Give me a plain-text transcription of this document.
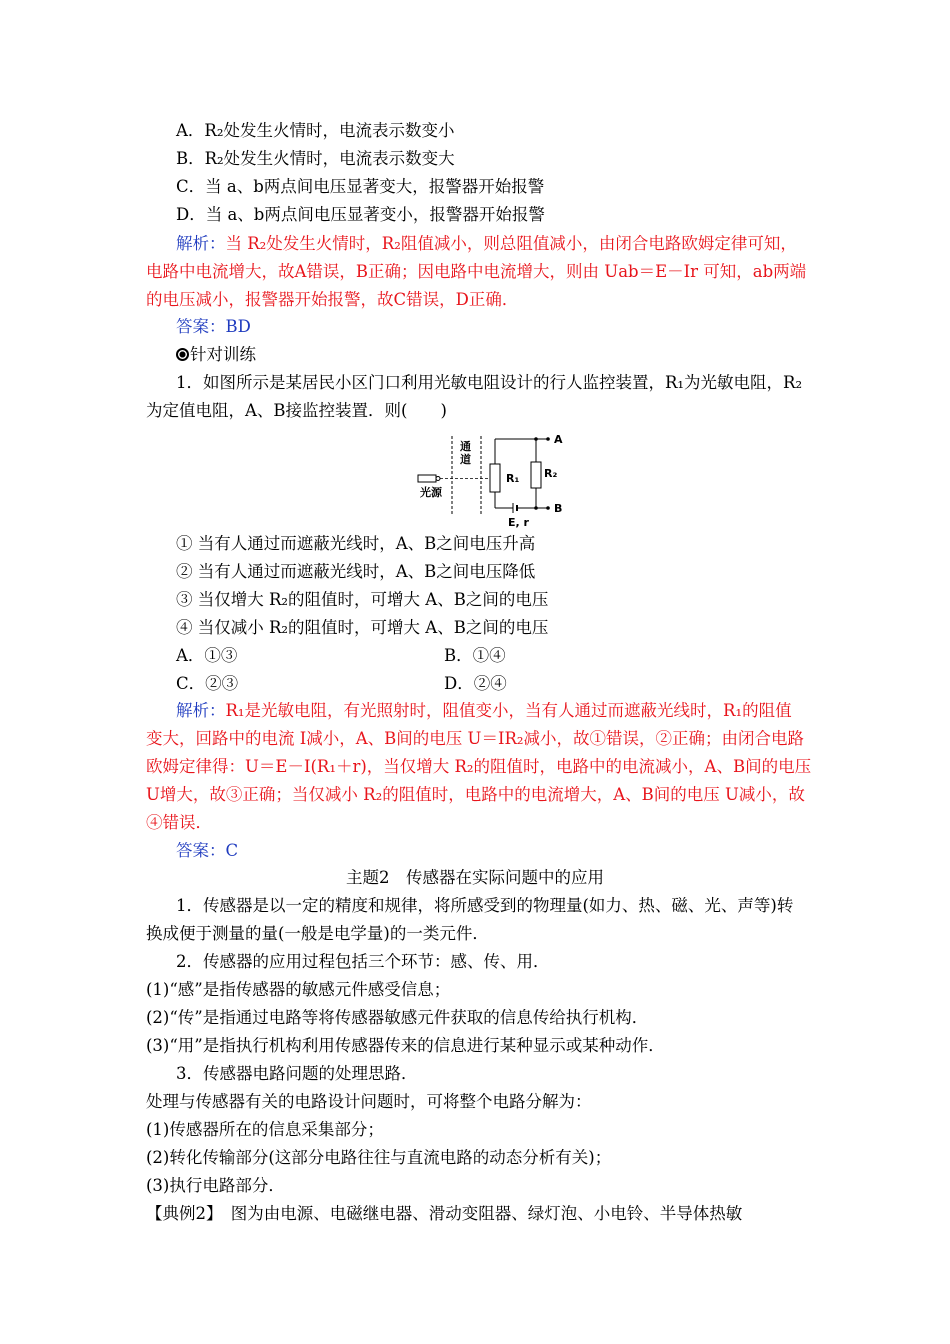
A．R₂处发生火情时，电流表示数变小
B．R₂处发生火情时，电流表示数变大
C．当 a、b两点间电压显著变大，报警器开始报警
D．当 a、b两点间电压显著变小，报警器开始报警
解析：当 R₂处发生火情时，R₂阻值减小，则总阻值减小，由闭合电路欧姆定律可知，
电路中电流增大，故A错误，B正确；因电路中电流增大，则由 Uab＝E－Ir 可知，ab两端
的电压减小，报警器开始报警，故C错误，D正确．
答案：BD
针对训练
1．如图所示是某居民小区门口利用光敏电阻设计的行人监控装置，R₁为光敏电阻，R₂
为定值电阻，A、B接监控装置．则(　　)
通
道
光源
R₁ R₂
A
B
E, r
① 当有人通过而遮蔽光线时，A、B之间电压升高
② 当有人通过而遮蔽光线时，A、B之间电压降低
③ 当仅增大 R₂的阻值时，可增大 A、B之间的电压
④ 当仅减小 R₂的阻值时，可增大 A、B之间的电压
A．①③	B．①④
C．②③	D．②④
解析：R₁是光敏电阻，有光照射时，阻值变小，当有人通过而遮蔽光线时，R₁的阻值
变大，回路中的电流 I减小，A、B间的电压 U＝IR₂减小，故①错误，②正确；由闭合电路
欧姆定律得：U＝E－I(R₁＋r)，当仅增大 R₂的阻值时，电路中的电流减小，A、B间的电压
U增大，故③正确；当仅减小 R₂的阻值时，电路中的电流增大，A、B间的电压 U减小，故
④错误．
答案：C
主题2　传感器在实际问题中的应用
1．传感器是以一定的精度和规律，将所感受到的物理量(如力、热、磁、光、声等)转
换成便于测量的量(一般是电学量)的一类元件．
2．传感器的应用过程包括三个环节：感、传、用．
(1)“感”是指传感器的敏感元件感受信息；
(2)“传”是指通过电路等将传感器敏感元件获取的信息传给执行机构．
(3)“用”是指执行机构利用传感器传来的信息进行某种显示或某种动作．
3．传感器电路问题的处理思路．
处理与传感器有关的电路设计问题时，可将整个电路分解为：
(1)传感器所在的信息采集部分；
(2)转化传输部分(这部分电路往往与直流电路的动态分析有关)；
(3)执行电路部分．
【典例2】　图为由电源、电磁继电器、滑动变阻器、绿灯泡、小电铃、半导体热敏
